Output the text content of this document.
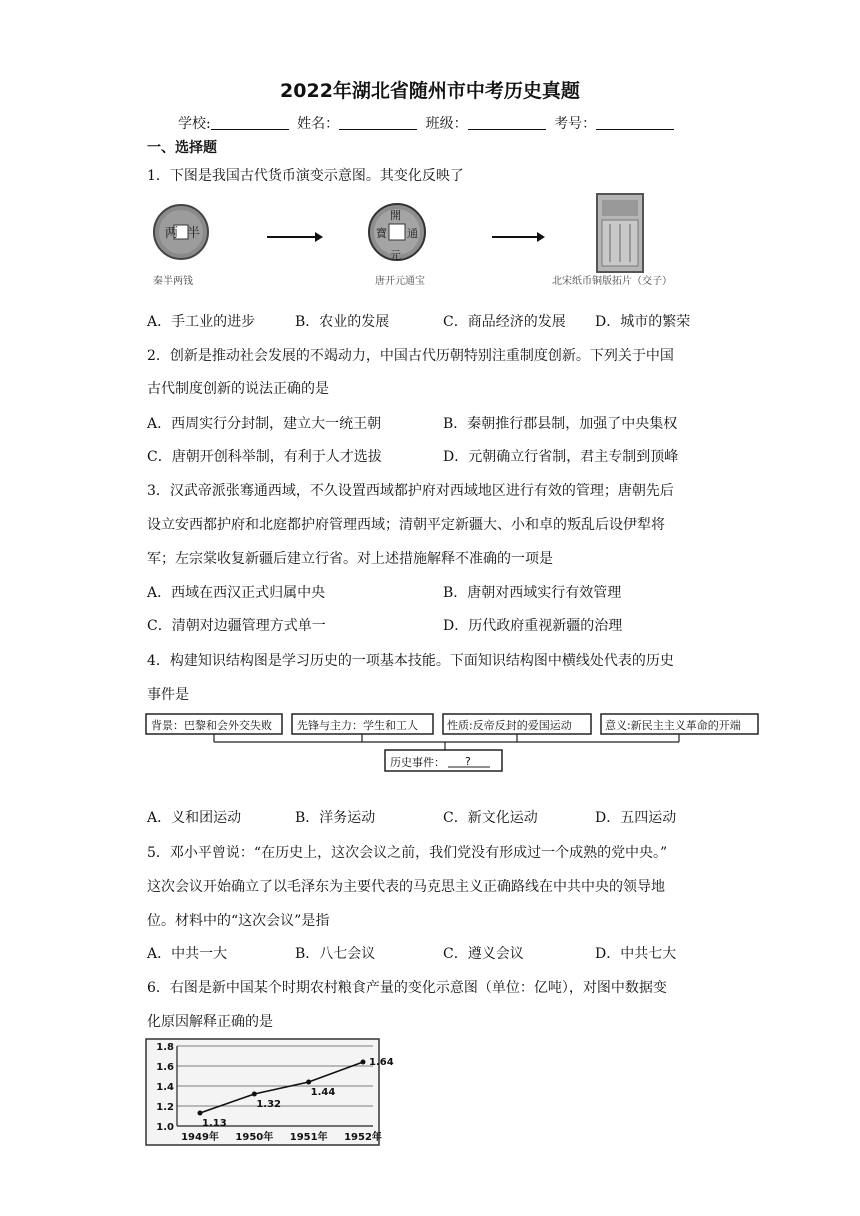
2022年湖北省随州市中考历史真题
学校:	姓名：	班级：	考号：
一、选择题
1．下图是我国古代货币演变示意图。其变化反映了
两 半
開
元
寶 通
秦半两钱	唐开元通宝	北宋纸币铜版拓片（交子）
A．手工业的进步	B．农业的发展	C．商品经济的发展 D．城市的繁荣
2．创新是推动社会发展的不竭动力，中国古代历朝特别注重制度创新。下列关于中国
古代制度创新的说法正确的是
A．西周实行分封制，建立大一统王朝	B．秦朝推行郡县制，加强了中央集权
C．唐朝开创科举制，有利于人才选拔	D．元朝确立行省制，君主专制到顶峰
3．汉武帝派张骞通西域，不久设置西域都护府对西域地区进行有效的管理；唐朝先后
设立安西都护府和北庭都护府管理西域；清朝平定新疆大、小和卓的叛乱后设伊犁将
军；左宗棠收复新疆后建立行省。对上述措施解释不准确的一项是
A．西域在西汉正式归属中央	B．唐朝对西域实行有效管理
C．清朝对边疆管理方式单一	D．历代政府重视新疆的治理
4．构建知识结构图是学习历史的一项基本技能。下面知识结构图中横线处代表的历史
事件是
背景：巴黎和会外交失败 先锋与主力：学生和工人	性质:反帝反封的爱国运动	意义:新民主主义革命的开端
历史事件： ?
A．义和团运动	B．洋务运动	C．新文化运动	D．五四运动
5．邓小平曾说：“在历史上，这次会议之前，我们党没有形成过一个成熟的党中央。”
这次会议开始确立了以毛泽东为主要代表的马克思主义正确路线在中共中央的领导地
位。材料中的“这次会议”是指
A．中共一大	B．八七会议	C．遵义会议	D．中共七大
6．右图是新中国某个时期农村粮食产量的变化示意图（单位：亿吨），对图中数据变
化原因解释正确的是
1.0
1.2
1.4
1.6
1.8
1949年 1950年 1951年 1952年
1.13
1.32
1.44
1.64
